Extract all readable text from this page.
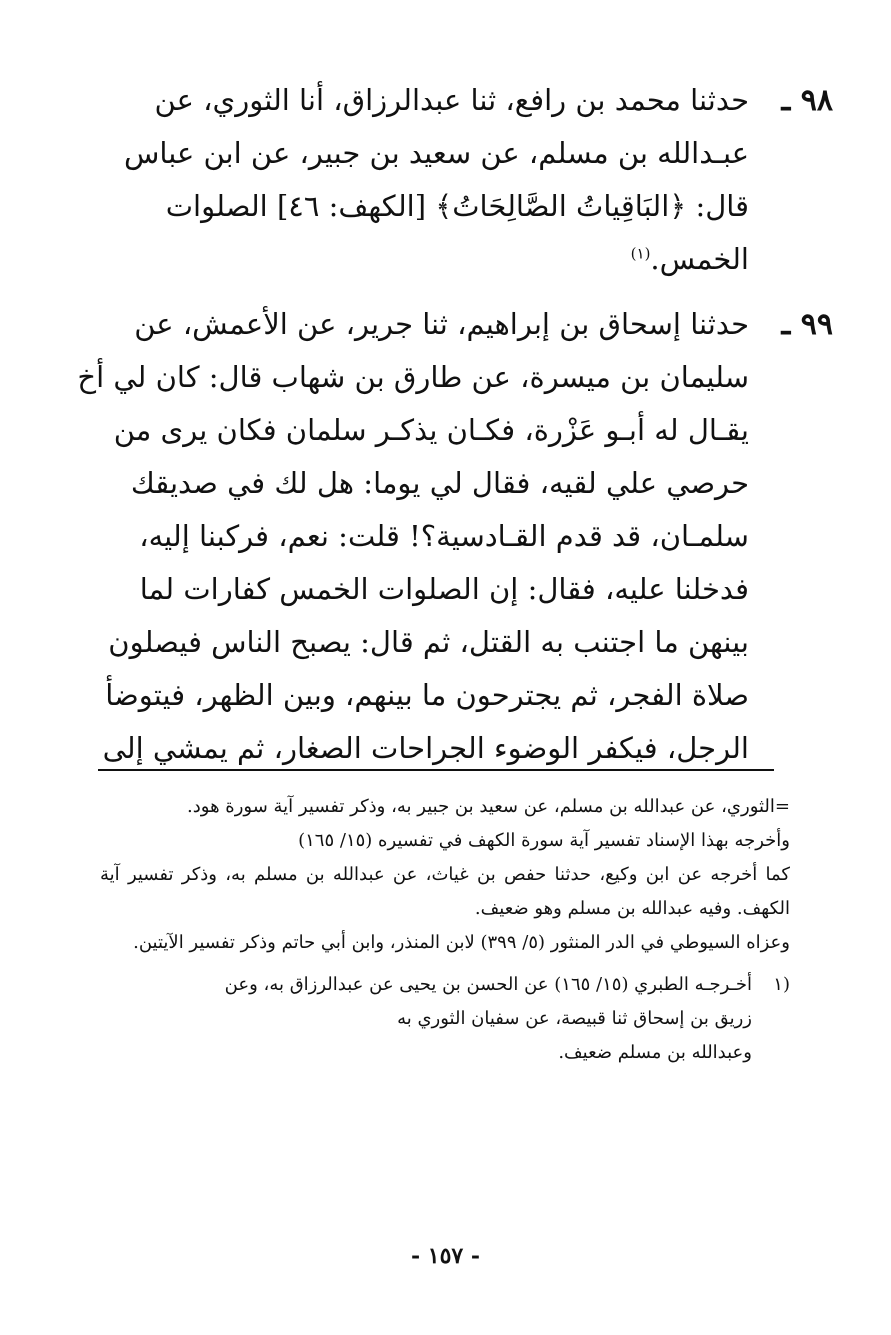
٩٨ ـ

حدثنا محمد بن رافع، ثنا عبدالرزاق، أنا الثوري، عن

عبـدالله بن مسلم، عن سعيد بن جبير، عن ابن عباس

قال: ﴿البَاقِياتُ الصَّالِحَاتُ﴾ [الكهف: ٤٦] الصلوات

الخمس.$^{(١)}$

٩٩ ـ

حدثنا إسحاق بن إبراهيم، ثنا جرير، عن الأعمش، عن

سليمان بن ميسرة، عن طارق بن شهاب قال: كان لي أخ

يقـال له أبـو عَزْرة، فكـان يذكـر سلمان فكان يرى من

حرصي علي لقيه، فقال لي يوما: هل لك في صديقك

سلمـان، قد قدم القـادسية؟! قلت: نعم، فركبنا إليه،

فدخلنا عليه، فقال: إن الصلوات الخمس كفارات لما

بينهن ما اجتنب به القتل، ثم قال: يصبح الناس فيصلون

صلاة الفجر، ثم يجترحون ما بينهم، وبين الظهر، فيتوضأ

الرجل، فيكفر الوضوء الجراحات الصغار، ثم يمشي إلى

=الثوري، عن عبدالله بن مسلم، عن سعيد بن جبير به، وذكر تفسير آية سورة هود.

وأخرجه بهذا الإسناد تفسير آية سورة الكهف في تفسيره (١٥/ ١٦٥)

كما أخرجه عن ابن وكيع، حدثنا حفص بن غياث، عن عبدالله بن مسلم به، وذكر تفسير آية الكهف. وفيه عبدالله بن مسلم وهو ضعيف.

وعزاه السيوطي في الدر المنثور (٥/ ٣٩٩) لابن المنذر، وابن أبي حاتم وذكر تفسير الآيتين.

(١

أخـرجـه الطبري (١٥/ ١٦٥) عن الحسن بن يحيى عن عبدالرزاق به، وعن

زريق بن إسحاق ثنا قبيصة، عن سفيان الثوري به

وعبدالله بن مسلم ضعيف.

- ١٥٧ -
